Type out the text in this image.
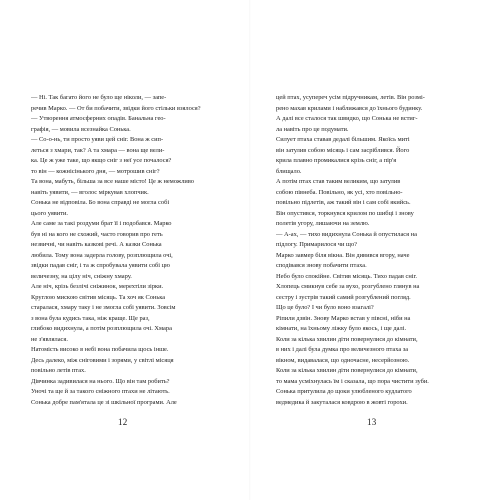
— Ні. Так багато його не було ще ніколи, — запе-
речив Марко. — От би побачити, звідки його стільки взялося?
— Утворення атмосферних опадів. Банальна гео-
графія, — мовила всезнайка Сонька.
— Со-о-нь, ти просто уяви цей сніг. Вона ж сип-
леться з хмари, так? А та хмара — вона ще вели-
ка. Це ж уже таке, що якщо сніг з неї усе почалося?
то він — кожнісінького дня, — мотрошив сніг?
Та вона, мабуть, більша за все наше місто! Це ж неможливо
навіть уявити, — вголос міркував хлопчик.
Сонька не відповіла. Бо вона справді не могла собі
цього уявити.
Але саме за такі роздуми брат її і подобався. Марко
був ні на кого не схожий, часто говорив про геть
незвичні, чи навіть казкові речі. А казки Сонька
любила. Тому вона задерла голову, розплющила очі,
звідки падав сніг, і та ж спробувала уявити собі цю
величезну, на цілу ніч, сніжну хмару.
Але ніч, крізь безлічі сніжинок, мерехтіли зірки.
Круглою мискою світив місяць. Та хоч як Сонька
старалася, хмару таку і не змогла собі уявити. Зовсім
з вона була кудись така, ніж краще. Ще раз,
глибоко видихнула, а потім розплющила очі. Хмара
не з'являлася.
Натомість високо в небі вона побачила щось інше.
Десь далеко, між сніговими і зорями, у світлі місяця
повільно летів птах.
Дівчинка задивилася на нього. Що він там робить?
Уночі та ще й за такого сніжного птахи не літають.
Сонька добре пам'ятала це зі шкільної програми. Але
цей птах, усупереч усім підручникам, летів. Він розмі-
рено махав крилами і наближався до їхнього будинку.
А далі все сталося так швидко, що Сонька не встиг-
ла навіть про це подумати.
Силует птаха ставав дедалі більшим. Якоїсь миті
він затулив собою місяць і сам засріблився. Його
крила плавно промикалися крізь сніг, а пір'я
блищало.
А потім птах став таким великим, що затулив
собою півнеба. Повільно, як усі, хто повільно-
повільно підлетів, аж такий він і сам собі якийсь.
Він опустився, торкнувся крилом по шибці і знову
полетів угору, лишаючи на землю.
— А-ах, — тихо видихнула Сонька й опустилася на
підлогу. Примарилося чи що?
Марко завмер біля вікна. Він дивився вгору, наче
сподівався знову побачити птаха.
Небо було спокійне. Світив місяць. Тихо падав сніг.
Хлопець смикнув себе за вухо, розгублено глянув на
сестру і зустрів такий самий розгублений погляд.
Що це було? І чи було воно взагалі?
Ріпили дзвін. Знову Марко встав у півсні, ніби на
кімнати, на їхньому ліжку було якось, і ще далі.
Коли за кілька хвилин діти повернулися до кімнати,
в них і далі була думка про величезного птаха за
вікном, видавалася, що одночасне, несерйозною.
Коли за кілька хвилин діти повернулися до кімнати,
то мама усміхнулась їм і сказала, що пора чистити зуби.
Сонька притулила до щоки улюбленого кудлатого
ведмедика й закуталася ковдрою в жовті горохи.
12	13
